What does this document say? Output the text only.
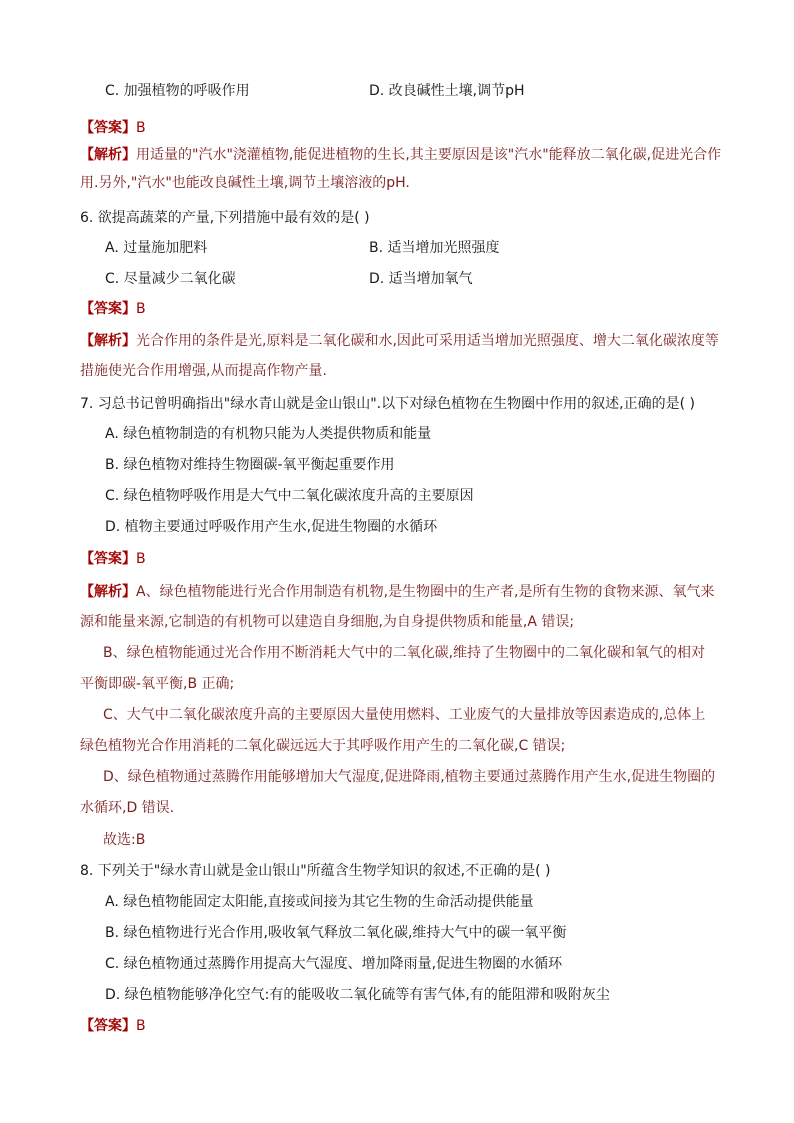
C. 加强植物的呼吸作用	D. 改良碱性土壤,调节pH
【答案】B
【解析】用适量的"汽水"浇灌植物,能促进植物的生长,其主要原因是该"汽水"能释放二氧化碳,促进光合作
用.另外,"汽水"也能改良碱性土壤,调节土壤溶液的pH.
6. 欲提高蔬菜的产量,下列措施中最有效的是( )
A. 过量施加肥料	B. 适当增加光照强度
C. 尽量减少二氧化碳	D. 适当增加氧气
【答案】B
【解析】光合作用的条件是光,原料是二氧化碳和水,因此可采用适当增加光照强度、增大二氧化碳浓度等
措施使光合作用增强,从而提高作物产量.
7. 习总书记曾明确指出"绿水青山就是金山银山".以下对绿色植物在生物圈中作用的叙述,正确的是( )
A. 绿色植物制造的有机物只能为人类提供物质和能量
B. 绿色植物对维持生物圈碳-氧平衡起重要作用
C. 绿色植物呼吸作用是大气中二氧化碳浓度升高的主要原因
D. 植物主要通过呼吸作用产生水,促进生物圈的水循环
【答案】B
【解析】A、绿色植物能进行光合作用制造有机物,是生物圈中的生产者,是所有生物的食物来源、氧气来
源和能量来源,它制造的有机物可以建造自身细胞,为自身提供物质和能量,A 错误;
B、绿色植物能通过光合作用不断消耗大气中的二氧化碳,维持了生物圈中的二氧化碳和氧气的相对
平衡即碳-氧平衡,B 正确;
C、大气中二氧化碳浓度升高的主要原因大量使用燃料、工业废气的大量排放等因素造成的,总体上
绿色植物光合作用消耗的二氧化碳远远大于其呼吸作用产生的二氧化碳,C 错误;
D、绿色植物通过蒸腾作用能够增加大气湿度,促进降雨,植物主要通过蒸腾作用产生水,促进生物圈的
水循环,D 错误.
故选:B
8. 下列关于"绿水青山就是金山银山"所蕴含生物学知识的叙述,不正确的是( )
A. 绿色植物能固定太阳能,直接或间接为其它生物的生命活动提供能量
B. 绿色植物进行光合作用,吸收氧气释放二氧化碳,维持大气中的碳一氧平衡
C. 绿色植物通过蒸腾作用提高大气湿度、增加降雨量,促进生物圈的水循环
D. 绿色植物能够净化空气:有的能吸收二氧化硫等有害气体,有的能阻滞和吸附灰尘
【答案】B
